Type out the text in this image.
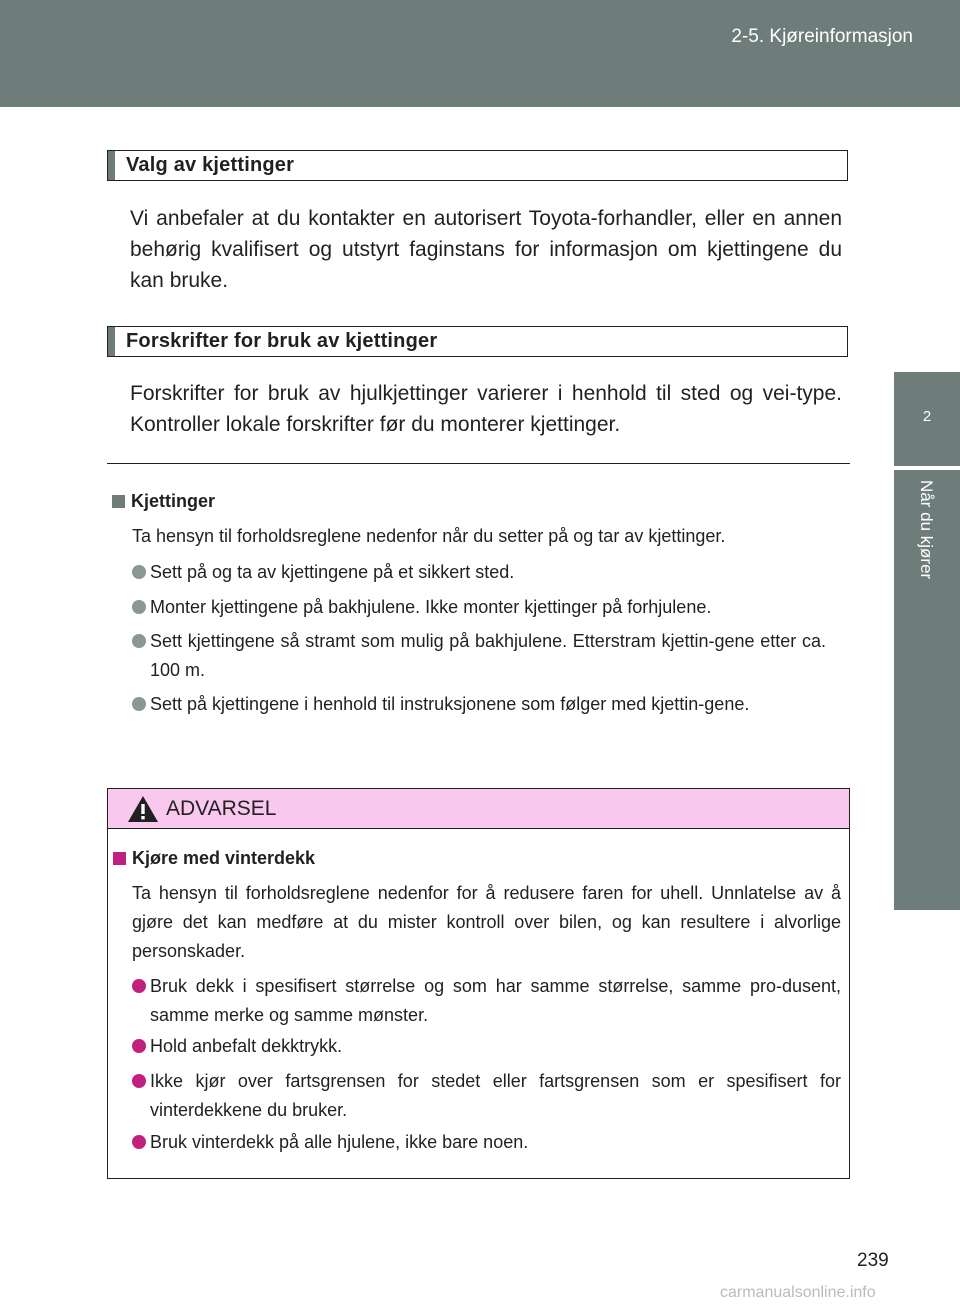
2-5. Kjøreinformasjon
2
Når du kjører
Valg av kjettinger
Vi anbefaler at du kontakter en autorisert Toyota-forhandler, eller en annen behørig kvalifisert og utstyrt faginstans for informasjon om kjettingene du kan bruke.
Forskrifter for bruk av kjettinger
Forskrifter for bruk av hjulkjettinger varierer i henhold til sted og vei-type. Kontroller lokale forskrifter før du monterer kjettinger.
Kjettinger
Ta hensyn til forholdsreglene nedenfor når du setter på og tar av kjettinger.
Sett på og ta av kjettingene på et sikkert sted.
Monter kjettingene på bakhjulene. Ikke monter kjettinger på forhjulene.
Sett kjettingene så stramt som mulig på bakhjulene. Etterstram kjettin-gene etter ca. 100 m.
Sett på kjettingene i henhold til instruksjonene som følger med kjettin-gene.
ADVARSEL
Kjøre med vinterdekk
Ta hensyn til forholdsreglene nedenfor for å redusere faren for uhell. Unnlatelse av å gjøre det kan medføre at du mister kontroll over bilen, og kan resultere i alvorlige personskader.
Bruk dekk i spesifisert størrelse og som har samme størrelse, samme pro-dusent, samme merke og samme mønster.
Hold anbefalt dekktrykk.
Ikke kjør over fartsgrensen for stedet eller fartsgrensen som er spesifisert for vinterdekkene du bruker.
Bruk vinterdekk på alle hjulene, ikke bare noen.
239
carmanualsonline.info
